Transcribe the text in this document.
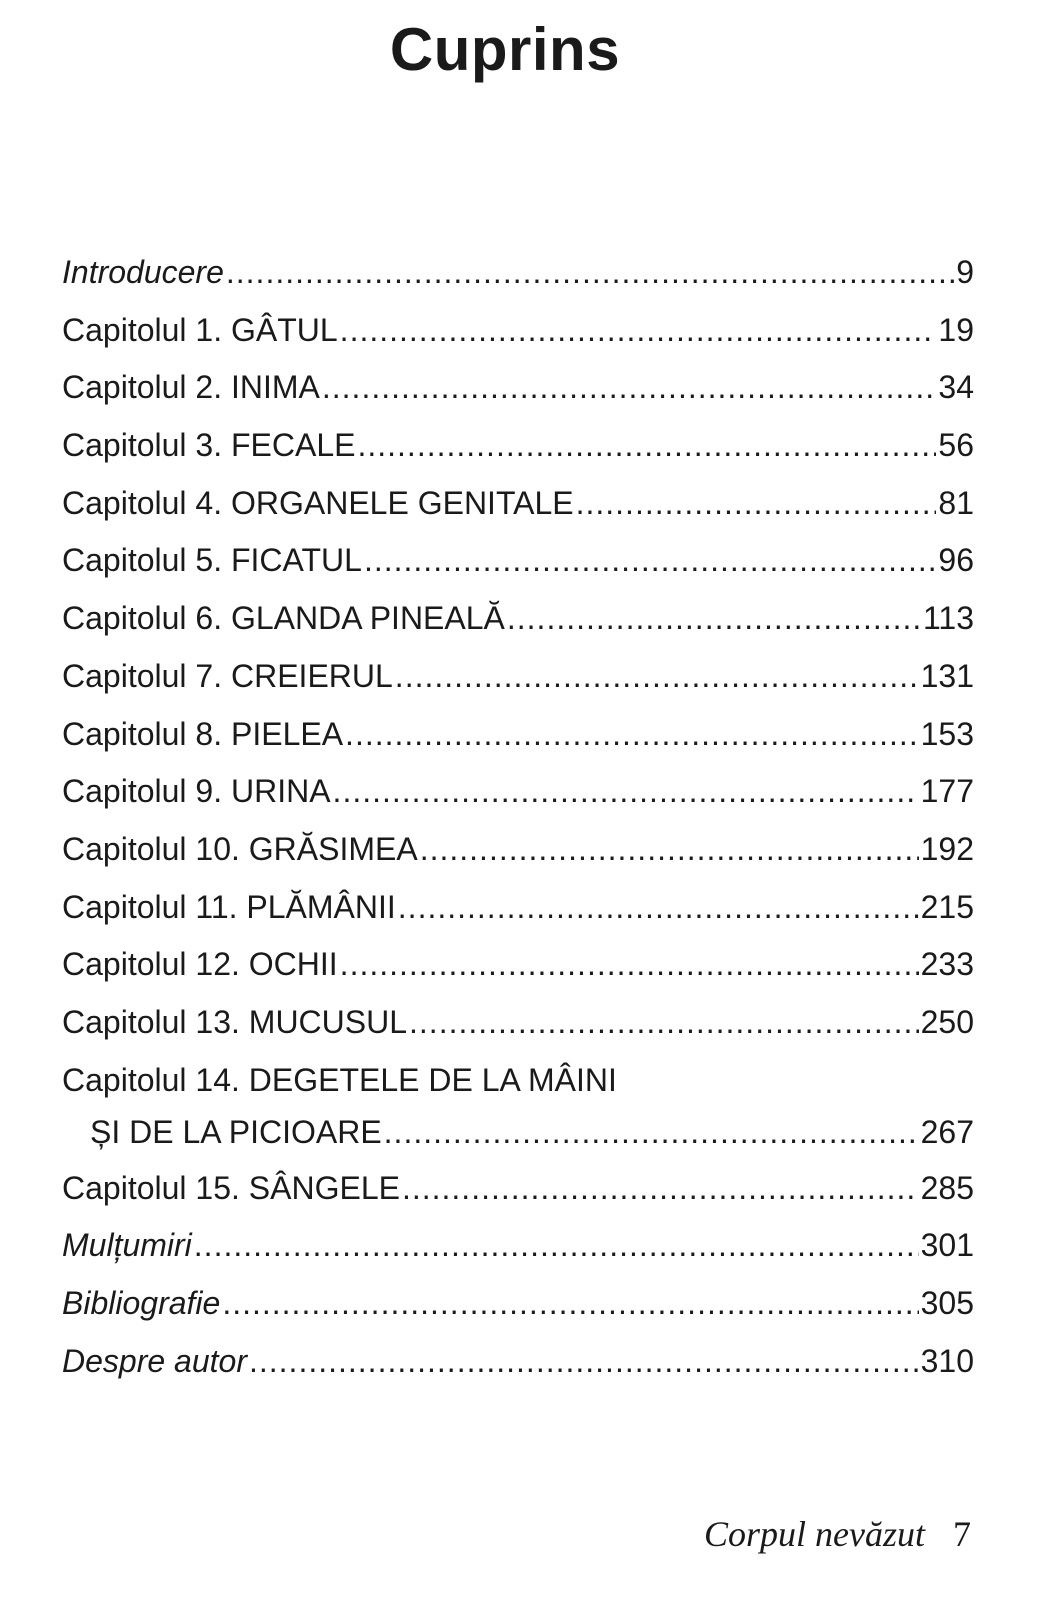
Cuprins
Introducere .....	9
Capitolul 1. GÂTUL .....	19
Capitolul 2. INIMA .....	34
Capitolul 3. FECALE .....	56
Capitolul 4. ORGANELE GENITALE .....	81
Capitolul 5. FICATUL .....	96
Capitolul 6. GLANDA PINEALĂ .....	113
Capitolul 7. CREIERUL .....	131
Capitolul 8. PIELEA .....	153
Capitolul 9. URINA .....	177
Capitolul 10. GRĂSIMEA .....	192
Capitolul 11. PLĂMÂNII .....	215
Capitolul 12. OCHII .....	233
Capitolul 13. MUCUSUL .....	250
Capitolul 14. DEGETELE DE LA MÂINI
ȘI DE LA PICIOARE .....	267
Capitolul 15. SÂNGELE .....	285
Mulțumiri .....	301
Bibliografie .....	305
Despre autor .....	310
Corpul nevăzut 7
